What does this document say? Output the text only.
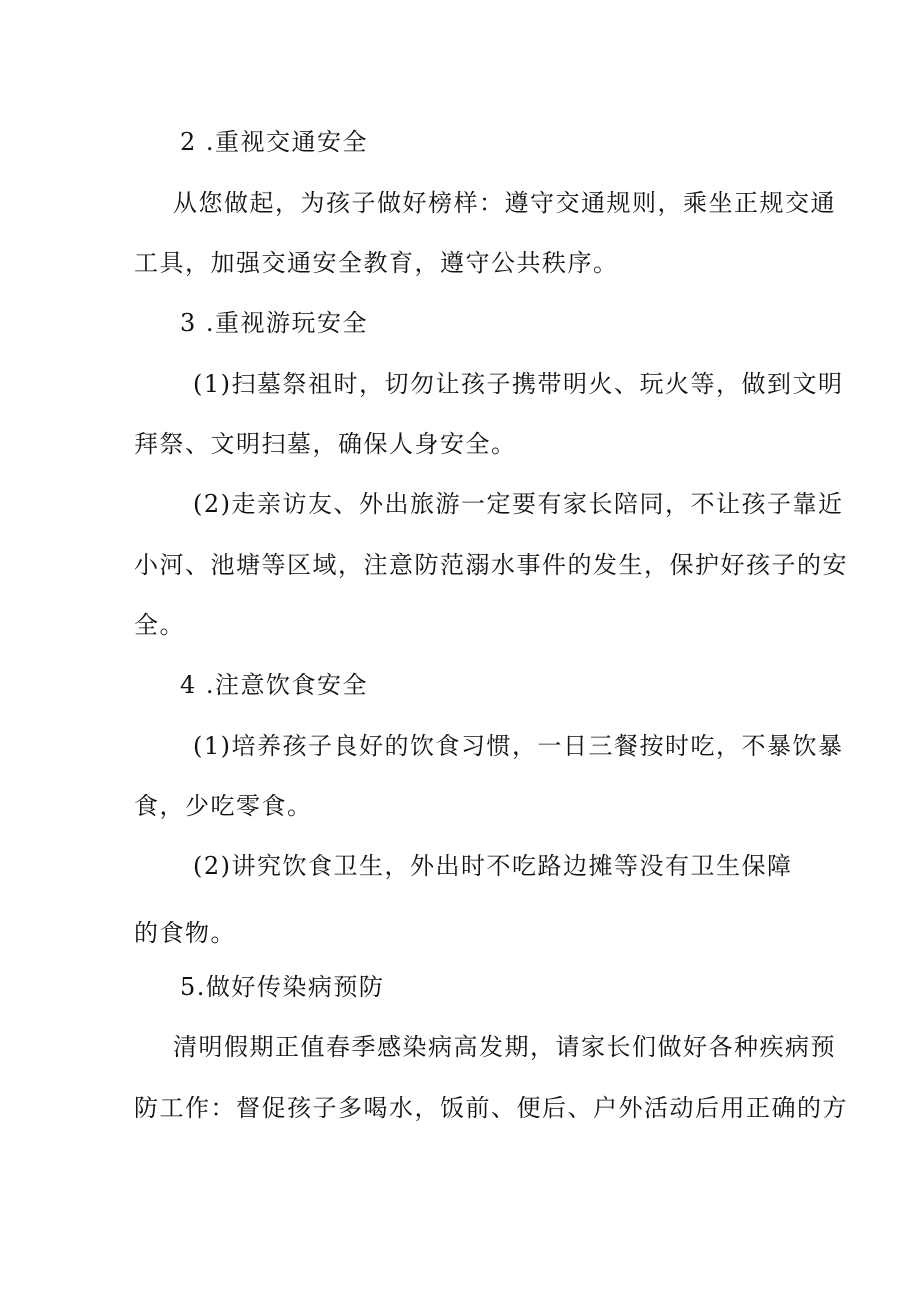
2 .重视交通安全
从您做起，为孩子做好榜样：遵守交通规则，乘坐正规交通
工具，加强交通安全教育，遵守公共秩序。
3 .重视游玩安全
(1)扫墓祭祖时，切勿让孩子携带明火、玩火等，做到文明
拜祭、文明扫墓，确保人身安全。
(2)走亲访友、外出旅游一定要有家长陪同，不让孩子靠近
小河、池塘等区域，注意防范溺水事件的发生，保护好孩子的安
全。
4 .注意饮食安全
(1)培养孩子良好的饮食习惯，一日三餐按时吃，不暴饮暴
食，少吃零食。
(2)讲究饮食卫生，外出时不吃路边摊等没有卫生保障
的食物。
5.做好传染病预防
清明假期正值春季感染病高发期，请家长们做好各种疾病预
防工作：督促孩子多喝水，饭前、便后、户外活动后用正确的方
